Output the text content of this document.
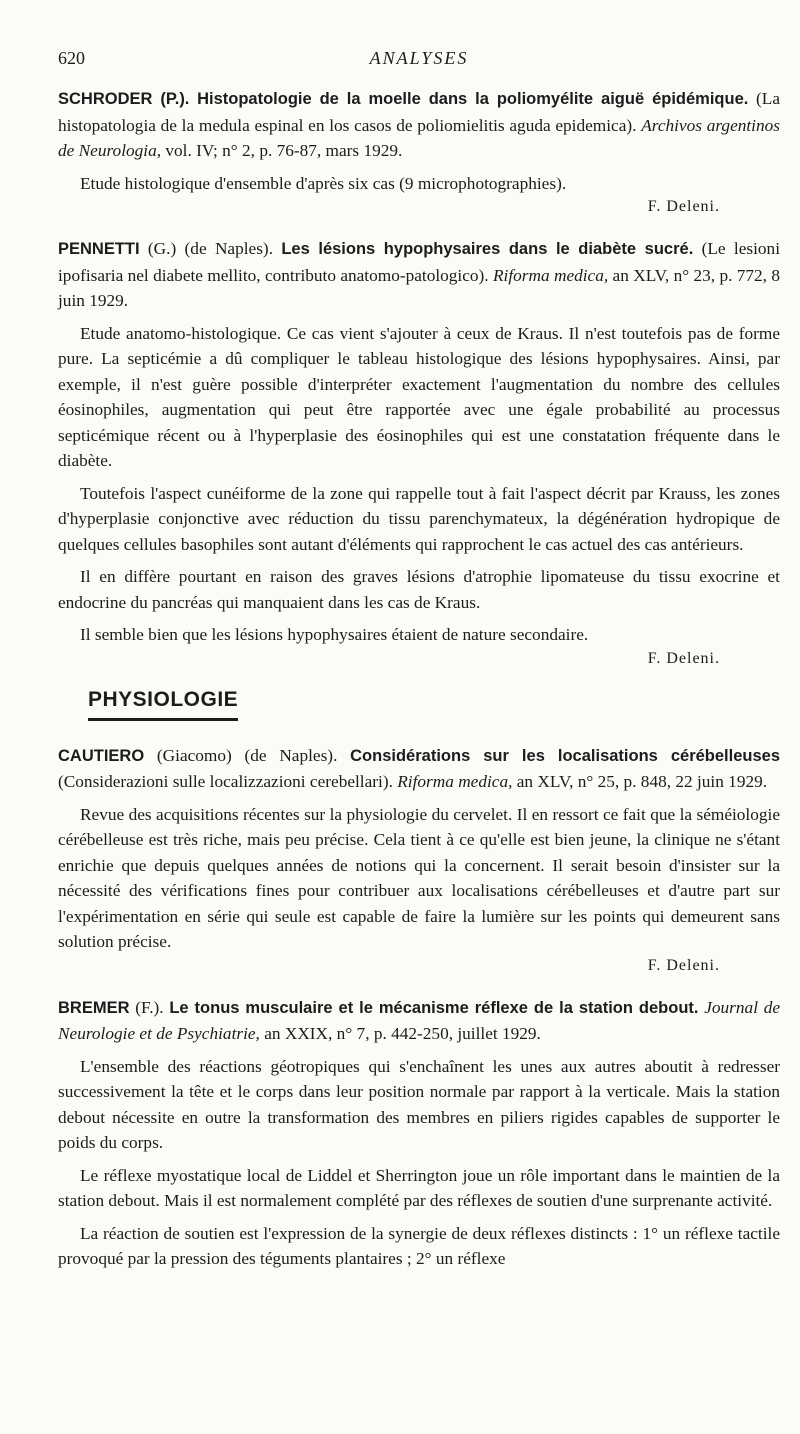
620	ANALYSES
SCHRODER (P.). Histopatologie de la moelle dans la poliomyélite aiguë épidémique. (La histopatologia de la medula espinal en los casos de poliomielitis aguda epidemica). Archivos argentinos de Neurologia, vol. IV; n° 2, p. 76-87, mars 1929.

Etude histologique d'ensemble d'après six cas (9 microphotographies).

F. Deleni.
PENNETTI (G.) (de Naples). Les lésions hypophysaires dans le diabète sucré. (Le lesioni ipofisaria nel diabete mellito, contributo anatomo-patologico). Riforma medica, an XLV, n° 23, p. 772, 8 juin 1929.

Etude anatomo-histologique. Ce cas vient s'ajouter à ceux de Kraus. Il n'est toutefois pas de forme pure. La septicémie a dû compliquer le tableau histologique des lésions hypophysaires. Ainsi, par exemple, il n'est guère possible d'interpréter exactement l'augmentation du nombre des cellules éosinophiles, augmentation qui peut être rapportée avec une égale probabilité au processus septicémique récent ou à l'hyperplasie des éosinophiles qui est une constatation fréquente dans le diabète.

Toutefois l'aspect cunéiforme de la zone qui rappelle tout à fait l'aspect décrit par Krauss, les zones d'hyperplasie conjonctive avec réduction du tissu parenchymateux, la dégénération hydropique de quelques cellules basophiles sont autant d'éléments qui rapprochent le cas actuel des cas antérieurs.

Il en diffère pourtant en raison des graves lésions d'atrophie lipomateuse du tissu exocrine et endocrine du pancréas qui manquaient dans les cas de Kraus.

Il semble bien que les lésions hypophysaires étaient de nature secondaire.

F. Deleni.
PHYSIOLOGIE
CAUTIERO (Giacomo) (de Naples). Considérations sur les localisations cérébelleuses (Considerazioni sulle localizzazioni cerebellari). Riforma medica, an XLV, n° 25, p. 848, 22 juin 1929.

Revue des acquisitions récentes sur la physiologie du cervelet. Il en ressort ce fait que la séméiologie cérébelleuse est très riche, mais peu précise. Cela tient à ce qu'elle est bien jeune, la clinique ne s'étant enrichie que depuis quelques années de notions qui la concernent. Il serait besoin d'insister sur la nécessité des vérifications fines pour contribuer aux localisations cérébelleuses et d'autre part sur l'expérimentation en série qui seule est capable de faire la lumière sur les points qui demeurent sans solution précise.

F. Deleni.
BREMER (F.). Le tonus musculaire et le mécanisme réflexe de la station debout. Journal de Neurologie et de Psychiatrie, an XXIX, n° 7, p. 442-250, juillet 1929.

L'ensemble des réactions géotropiques qui s'enchaînent les unes aux autres aboutit à redresser successivement la tête et le corps dans leur position normale par rapport à la verticale. Mais la station debout nécessite en outre la transformation des membres en piliers rigides capables de supporter le poids du corps.

Le réflexe myostatique local de Liddel et Sherrington joue un rôle important dans le maintien de la station debout. Mais il est normalement complété par des réflexes de soutien d'une surprenante activité.

La réaction de soutien est l'expression de la synergie de deux réflexes distincts : 1° un réflexe tactile provoqué par la pression des téguments plantaires ; 2° un réflexe
